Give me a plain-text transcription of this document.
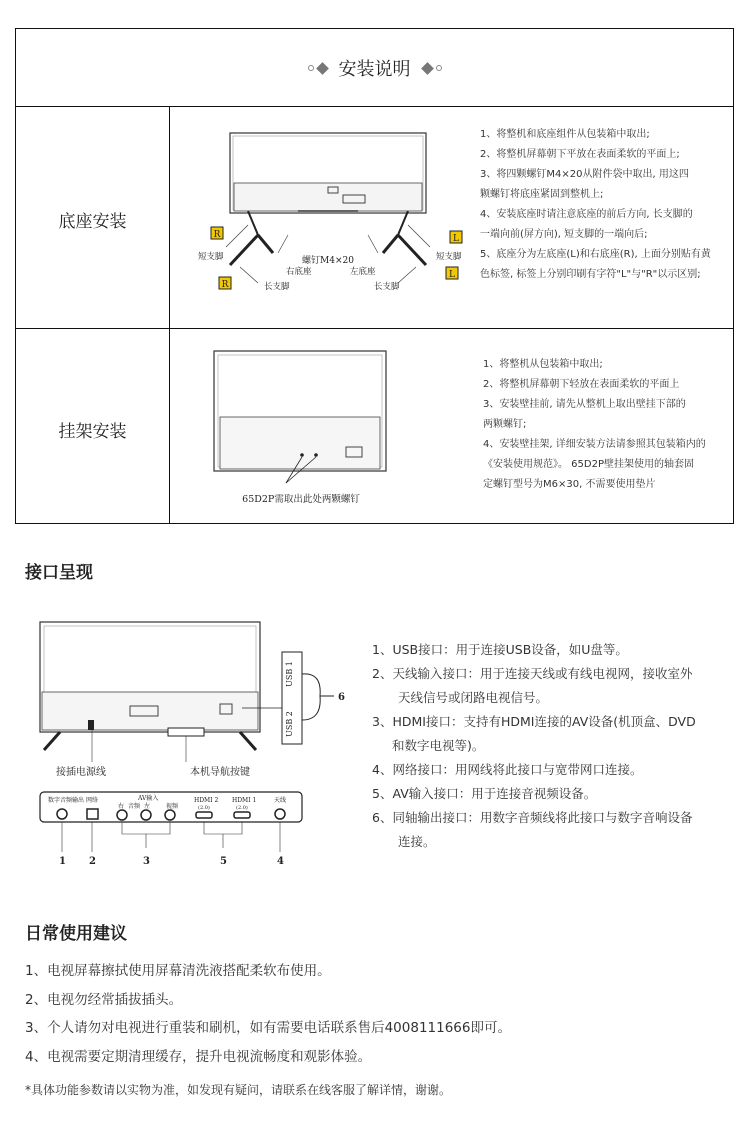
安装说明
底座安装
挂架安装
R
R
L
L
螺钉M4×20
短支脚	短支脚
右底座	左底座
长支脚	长支脚
1、将整机和底座组件从包装箱中取出;
2、将整机屏幕朝下平放在表面柔软的平面上;
3、将四颗螺钉M4×20从附件袋中取出, 用这四
颗螺钉将底座紧固到整机上;
4、安装底座时请注意底座的前后方向, 长支脚的
一端向前(屏方向), 短支脚的一端向后;
5、底座分为左底座(L)和右底座(R), 上面分别贴有黄
色标签, 标签上分别印刷有字符"L"与"R"以示区别;
65D2P需取出此处两颗螺钉
1、将整机从包装箱中取出;
2、将整机屏幕朝下轻放在表面柔软的平面上
3、安装壁挂前, 请先从整机上取出壁挂下部的
两颗螺钉;
4、安装壁挂架, 详细安装方法请参照其包装箱内的
《安装使用规范》。 65D2P壁挂架使用的轴套固
定螺钉型号为M6×30, 不需要使用垫片
接口呈现
接插电源线	本机导航按键
USB 1
USB 2
6
数字音频输出 网络	AV输入
右 音频 左	视频
HDMI 2
(2.0)
HDMI 1
(2.0)
天线
1 2	3	5	4
1、USB接口：用于连接USB设备，如U盘等。
2、天线输入接口：用于连接天线或有线电视网，接收室外
天线信号或闭路电视信号。
3、HDMI接口：支持有HDMI连接的AV设备(机顶盒、DVD
和数字电视等)。
4、网络接口：用网线将此接口与宽带网口连接。
5、AV输入接口：用于连接音视频设备。
6、同轴输出接口：用数字音频线将此接口与数字音响设备
连接。
日常使用建议
1、电视屏幕擦拭使用屏幕清洗液搭配柔软布使用。
2、电视勿经常插拔插头。
3、个人请勿对电视进行重装和刷机，如有需要电话联系售后4008111666即可。
4、电视需要定期清理缓存，提升电视流畅度和观影体验。
*具体功能参数请以实物为准，如发现有疑问，请联系在线客服了解详情，谢谢。
